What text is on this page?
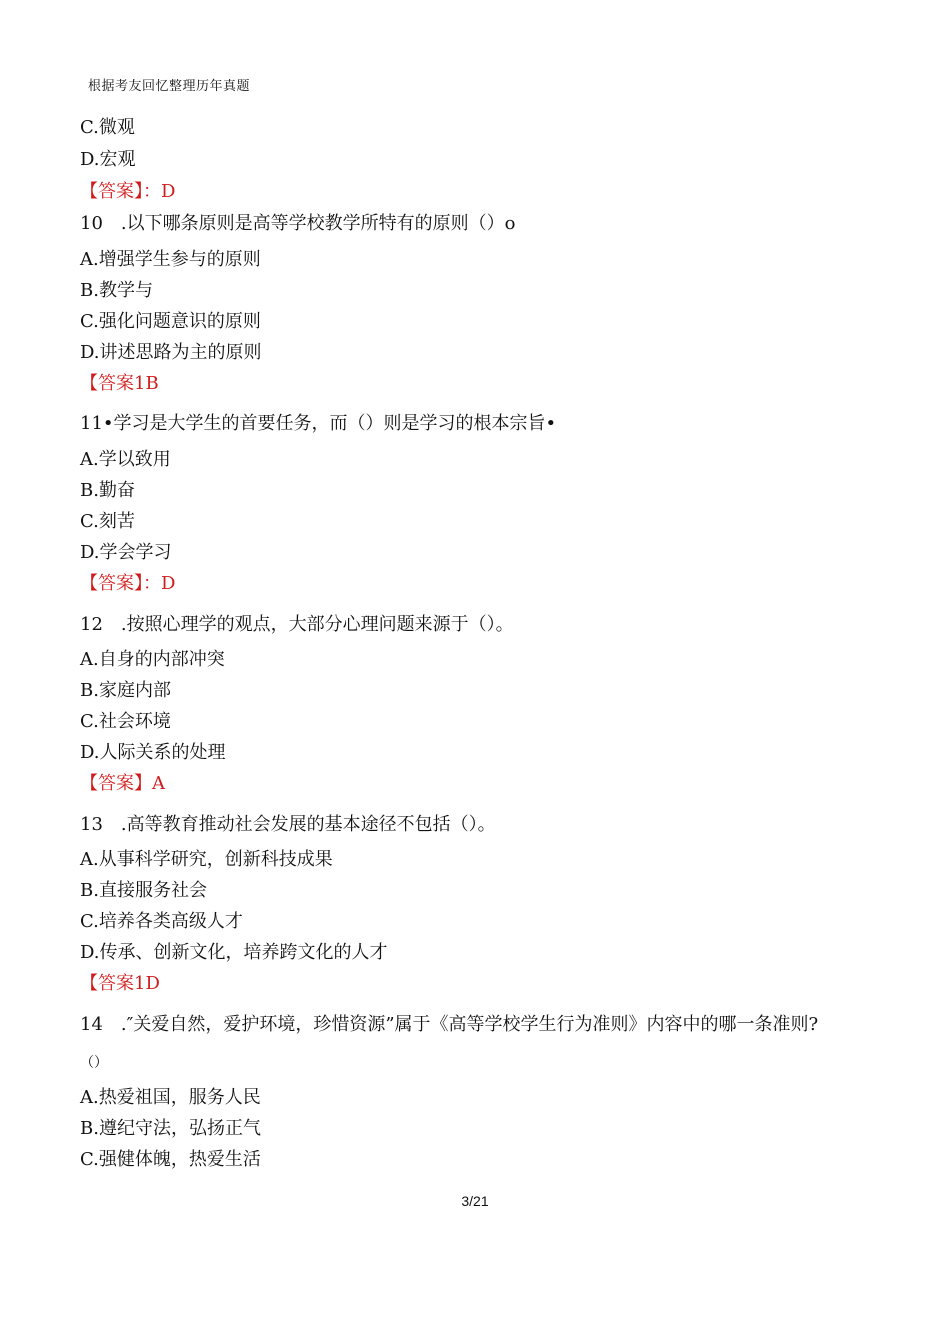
根据考友回忆整理历年真题
C.微观
D.宏观
【答案】：D
10　.以下哪条原则是高等学校教学所特有的原则（）o
A.增强学生参与的原则
B.教学与
C.强化问题意识的原则
D.讲述思路为主的原则
【答案1B
11•学习是大学生的首要任务，而（）则是学习的根本宗旨•
A.学以致用
B.勤奋
C.刻苦
D.学会学习
【答案】：D
12　.按照心理学的观点，大部分心理问题来源于（）。
A.自身的内部冲突
B.家庭内部
C.社会环境
D.人际关系的处理
【答案】A
13　.高等教育推动社会发展的基本途径不包括（）。
A.从事科学研究，创新科技成果
B.直接服务社会
C.培养各类高级人才
D.传承、创新文化，培养跨文化的人才
【答案1D
14　.″关爱自然，爱护环境，珍惜资源”属于《高等学校学生行为准则》内容中的哪一条准则?
（）
A.热爱祖国，服务人民
B.遵纪守法，弘扬正气
C.强健体魄，热爱生活
3/21
